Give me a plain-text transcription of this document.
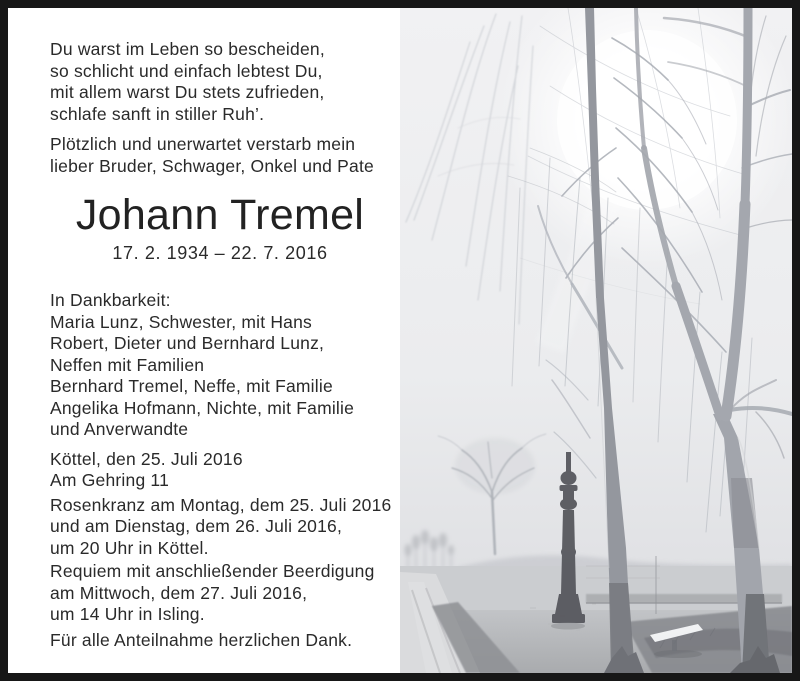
Du warst im Leben so bescheiden,
so schlicht und einfach lebtest Du,
mit allem warst Du stets zufrieden,
schlafe sanft in stiller Ruh’.
Plötzlich und unerwartet verstarb mein
lieber Bruder, Schwager, Onkel und Pate
Johann Tremel
17. 2. 1934 – 22. 7. 2016
In Dankbarkeit:
Maria Lunz, Schwester, mit Hans
Robert, Dieter und Bernhard Lunz,
Neffen mit Familien
Bernhard Tremel, Neffe, mit Familie
Angelika Hofmann, Nichte, mit Familie
und Anverwandte
Köttel, den 25. Juli 2016
Am Gehring 11
Rosenkranz am Montag, dem 25. Juli 2016
und am Dienstag, dem 26. Juli 2016,
um 20 Uhr in Köttel.
Requiem mit anschließender Beerdigung
am Mittwoch, dem 27. Juli 2016,
um 14 Uhr in Isling.
Für alle Anteilnahme herzlichen Dank.
